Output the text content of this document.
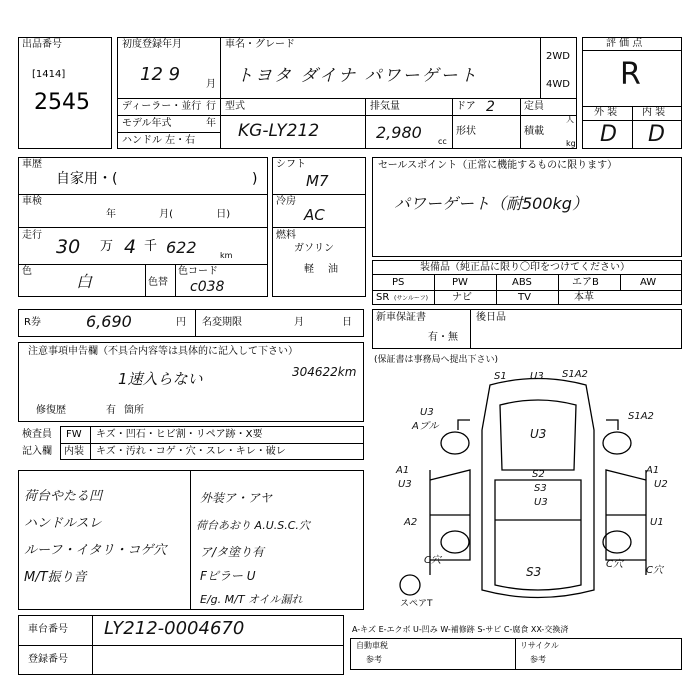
出品番号
[1414]
2545
初度登録年月
12 9	月
ディーラー・並行 行
モデル年式	年
ハンドル 左・右
車名・グレード
トヨタ ダイナ パワーゲート
2WD
4WD
型式
KG-LY212
排気量
2,980 cc
ドア 2
形状
定員
人
積載
kg
評 価 点
R
外 装 内 装
D D
車歴
自家用・(	)
車検
年 月( 日)
走行
30 万 4 千 622	km
色
白	色替
色コード
c038
シフト
M7
冷房
AC
燃料
ガソリン
軽 油
セールスポイント（正常に機能するものに限ります）
パワーゲート（耐500kg）
装備品（純正品に限り〇印をつけてください）
PS	PW	ABS	エアB	AW
SR (サンルーフ) ナビ	TV	本革
R券	6,690	円 名変期限	月	日 新車保証書
有・無
後日品
注意事項申告欄（不具合内容等は具体的に記入して下さい）
1速入らない	304622km
修復歴	有 箇所
検査員
記入欄
FW キズ・凹石・ヒビ割・リペア跡・X要
内装 キズ・汚れ・コゲ・穴・スレ・キレ・破レ
荷台やたる凹
ハンドルスレ
ルーフ・イタリ・コゲ穴
M/T振り音
外装ア・アヤ
荷台あおり A.U.S.C.穴
ア/タ塗り有
Fピラー U
E/g. M/T オイル漏れ
(保証書は事務局へ提出下さい)
スペアT
S1 U3 S1A2
U3
Aブル
S1A2
U3
A1
U3
A1
U2
S2
S3
U3
A2	U1
C穴	C穴
C穴
S3
車台番号 LY212-0004670
登録番号
A-キズ E-エクボ U-凹み W-補修跡 S-サビ C-腐食 XX-交換済
自動車税
参考
リサイクル
参考
